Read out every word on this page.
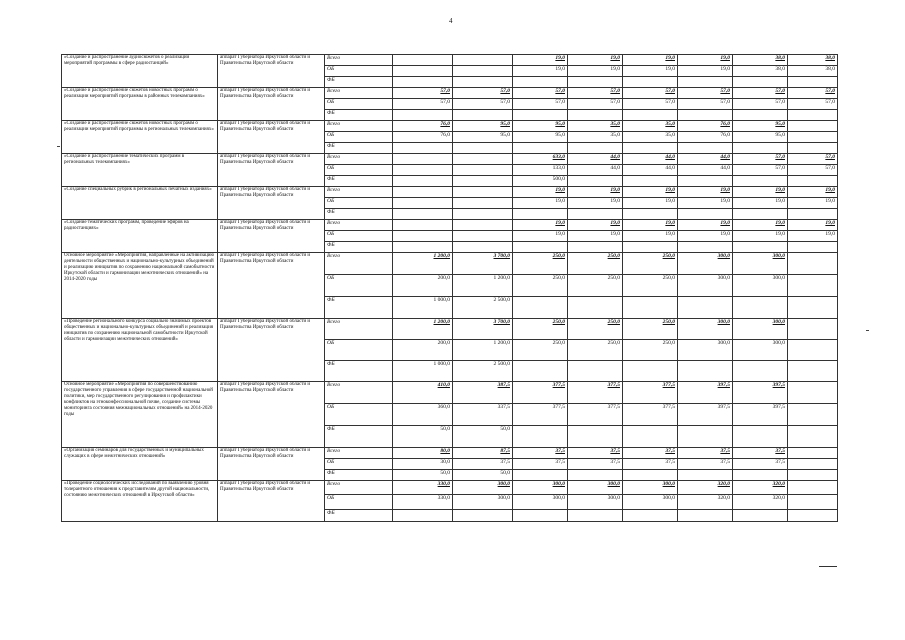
4
«Создание и распространение аудиосюжетов о реализации мероприятий программы в сфере радиостанций»	аппарат Губернатора Иркутской области и Правительства Иркутской области	Всего			19,0	19,0	19,0	19,0	38,0	38,0	
		ОБ			19,0	19,0	19,0	19,0	38,0	38,0	
		ФБ									
«Создание и распространение сюжетов новостных программ о реализации мероприятий программы в районных телекомпаниях»	аппарат Губернатора Иркутской области и Правительства Иркутской области	Всего	57,0	57,0	57,0	57,0	57,0	57,0	57,0	57,0	
		ОБ	57,0	57,0	57,0	57,0	57,0	57,0	57,0	57,0	
		ФБ									
«Создание и распространение сюжетов новостных программ о реализации мероприятий программы в региональных телекомпаниях»	аппарат Губернатора Иркутской области и Правительства Иркутской области	Всего	76,0	95,0	95,0	35,0	35,0	76,0	95,0		
		ОБ	76,0	95,0	95,0	35,0	35,0	76,0	95,0		
		ФБ									
«Создание и распространение тематических программ в региональных телекомпаниях»	аппарат Губернатора Иркутской области и Правительства Иркутской области	Всего			633,0	44,0	44,0	44,0	57,0	57,0	
		ОБ			133,0	44,0	44,0	44,0	57,0	57,0	
		ФБ			500,0						
«Создание специальных рубрик в региональных печатных изданиях»	аппарат Губернатора Иркутской области и Правительства Иркутской области	Всего			19,0	19,0	19,0	19,0	19,0	19,0	
		ОБ			19,0	19,0	19,0	19,0	19,0	19,0	
		ФБ									
«Создание тематических программ, проведение эфиров на радиостанциях»	аппарат Губернатора Иркутской области и Правительства Иркутской области	Всего			19,0	19,0	19,0	19,0	19,0	19,0	
		ОБ			19,0	19,0	19,0	19,0	19,0	19,0	
		ФБ									
Основное мероприятие «Мероприятия, направленные на активизацию деятельности общественных и национально-культурных объединений и реализацию инициатив по сохранению национальной самобытности Иркутской области и гармонизации межэтнических отношений» на 2014-2020 годы	аппарат Губернатора Иркутской области и Правительства Иркутской области	Всего	1 200,0	3 700,0	250,0	250,0	250,0	300,0	300,0		
		ОБ	200,0	1 200,0	250,0	250,0	250,0	300,0	300,0		
		ФБ	1 000,0	2 500,0							
«Проведение регионального конкурса социально значимых проектов общественных и национально-культурных объединений и реализация инициатив по сохранению национальной самобытности Иркутской области и гармонизации межэтнических отношений»	аппарат Губернатора Иркутской области и Правительства Иркутской области	Всего	1 200,0	3 700,0	250,0	250,0	250,0	300,0	300,0		
		ОБ	200,0	1 200,0	250,0	250,0	250,0	300,0	300,0		
		ФБ	1 000,0	2 500,0							
Основное мероприятие «Мероприятия по совершенствованию государственного управления в сфере государственной национальной политики, мер государственного регулирования и профилактики конфликтов на этноконфессиональной почве, создание системы мониторинга состояния межнациональных отношений» на 2014-2020 годы	аппарат Губернатора Иркутской области и Правительства Иркутской области	Всего	410,0	387,5	377,5	377,5	377,5	397,5	397,5		
		ОБ	360,0	337,5	377,5	377,5	377,5	397,5	397,5		
		ФБ	50,0	50,0							
«Организация семинаров для государственных и муниципальных служащих в сфере межэтнических отношений»	аппарат Губернатора Иркутской области и Правительства Иркутской области	Всего	80,0	87,5	37,5	37,5	37,5	37,5	37,5		
		ОБ	30,0	37,5	37,5	37,5	37,5	37,5	37,5		
		ФБ	50,0	50,0							
«Проведение социологических исследований по выявлению уровня толерантного отношения к представителям другой национальности, состоянию межэтнических отношений в Иркутской области»	аппарат Губернатора Иркутской области и Правительства Иркутской области	Всего	330,0	300,0	300,0	300,0	300,0	320,0	320,0		
		ОБ	330,0	300,0	300,0	300,0	300,0	320,0	320,0		
		ФБ									
